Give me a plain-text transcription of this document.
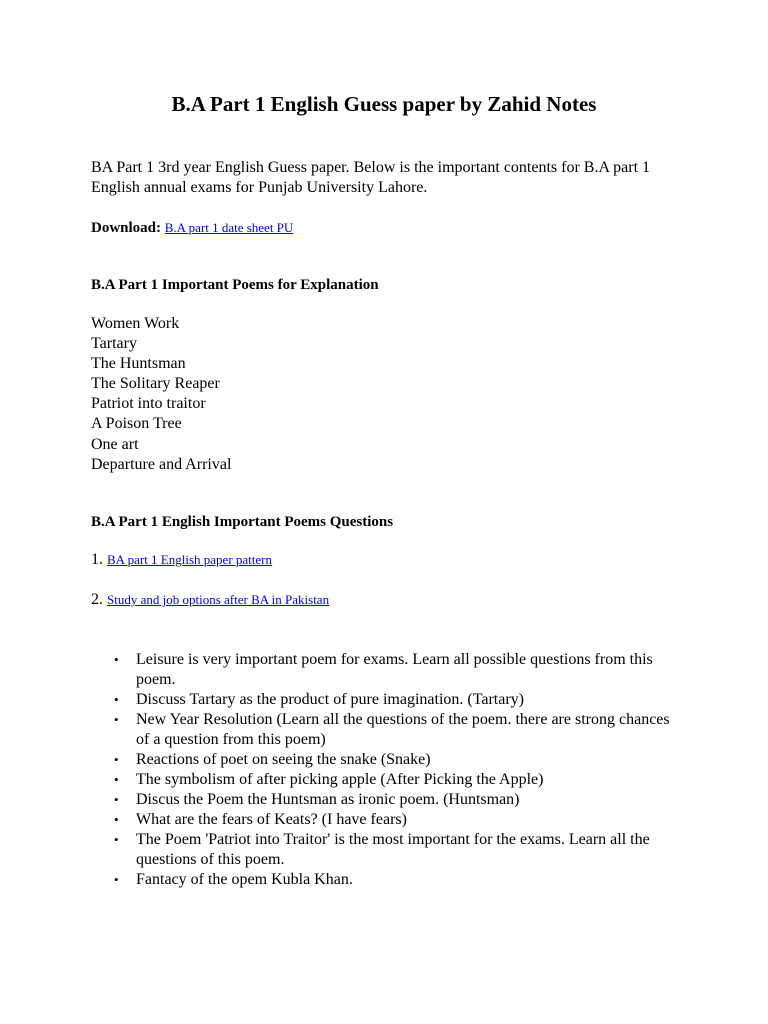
B.A Part 1 English Guess paper by Zahid Notes

BA Part 1 3rd year English Guess paper. Below is the important contents for B.A part 1 English annual exams for Punjab University Lahore.

Download: B.A part 1 date sheet PU

B.A Part 1 Important Poems for Explanation
Women Work
Tartary
The Huntsman
The Solitary Reaper
Patriot into traitor
A Poison Tree
One art
Departure and Arrival
B.A Part 1 English Important Poems Questions

1. BA part 1 English paper pattern

2. Study and job options after BA in Pakistan

• Leisure is very important poem for exams. Learn all possible questions from this poem.
• Discuss Tartary as the product of pure imagination. (Tartary)
• New Year Resolution (Learn all the questions of the poem. there are strong chances of a question from this poem)
• Reactions of poet on seeing the snake (Snake)
• The symbolism of after picking apple (After Picking the Apple)
• Discus the Poem the Huntsman as ironic poem. (Huntsman)
• What are the fears of Keats? (I have fears)
• The Poem 'Patriot into Traitor' is the most important for the exams. Learn all the questions of this poem.
• Fantacy of the opem Kubla Khan.
